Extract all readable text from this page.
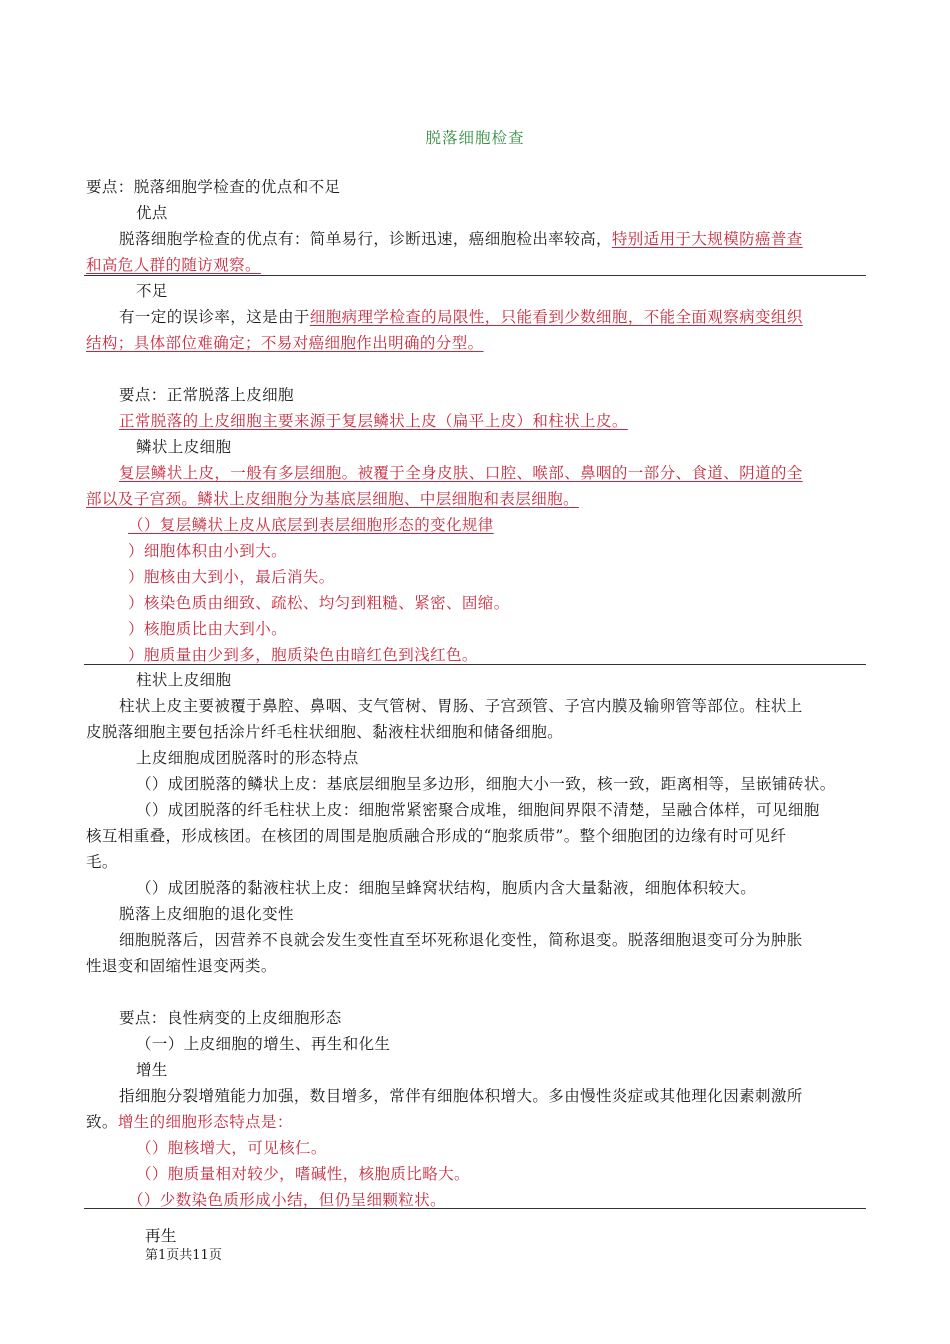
脱落细胞检查
要点：脱落细胞学检查的优点和不足
优点
脱落细胞学检查的优点有：简单易行，诊断迅速，癌细胞检出率较高，特别适用于大规模防癌普查
和高危人群的随访观察。
不足
有一定的误诊率，这是由于细胞病理学检查的局限性，只能看到少数细胞，不能全面观察病变组织
结构；具体部位难确定；不易对癌细胞作出明确的分型。
要点：正常脱落上皮细胞
正常脱落的上皮细胞主要来源于复层鳞状上皮（扁平上皮）和柱状上皮。
鳞状上皮细胞
复层鳞状上皮，一般有多层细胞。被覆于全身皮肤、口腔、喉部、鼻咽的一部分、食道、阴道的全
部以及子宫颈。鳞状上皮细胞分为基底层细胞、中层细胞和表层细胞。
（）复层鳞状上皮从底层到表层细胞形态的变化规律
）细胞体积由小到大。
）胞核由大到小，最后消失。
）核染色质由细致、疏松、均匀到粗糙、紧密、固缩。
）核胞质比由大到小。
）胞质量由少到多，胞质染色由暗红色到浅红色。
柱状上皮细胞
柱状上皮主要被覆于鼻腔、鼻咽、支气管树、胃肠、子宫颈管、子宫内膜及输卵管等部位。柱状上
皮脱落细胞主要包括涂片纤毛柱状细胞、黏液柱状细胞和储备细胞。
上皮细胞成团脱落时的形态特点
（）成团脱落的鳞状上皮：基底层细胞呈多边形，细胞大小一致，核一致，距离相等，呈嵌铺砖状。
（）成团脱落的纤毛柱状上皮：细胞常紧密聚合成堆，细胞间界限不清楚，呈融合体样，可见细胞
核互相重叠，形成核团。在核团的周围是胞质融合形成的“胞浆质带”。整个细胞团的边缘有时可见纤
毛。
（）成团脱落的黏液柱状上皮：细胞呈蜂窝状结构，胞质内含大量黏液，细胞体积较大。
脱落上皮细胞的退化变性
细胞脱落后，因营养不良就会发生变性直至坏死称退化变性，简称退变。脱落细胞退变可分为肿胀
性退变和固缩性退变两类。
要点：良性病变的上皮细胞形态
（一）上皮细胞的增生、再生和化生
增生
指细胞分裂增殖能力加强，数目增多，常伴有细胞体积增大。多由慢性炎症或其他理化因素刺激所
致。增生的细胞形态特点是：
（）胞核增大，可见核仁。
（）胞质量相对较少，嗜碱性，核胞质比略大。
（）少数染色质形成小结，但仍呈细颗粒状。
再生
第1页共11页
